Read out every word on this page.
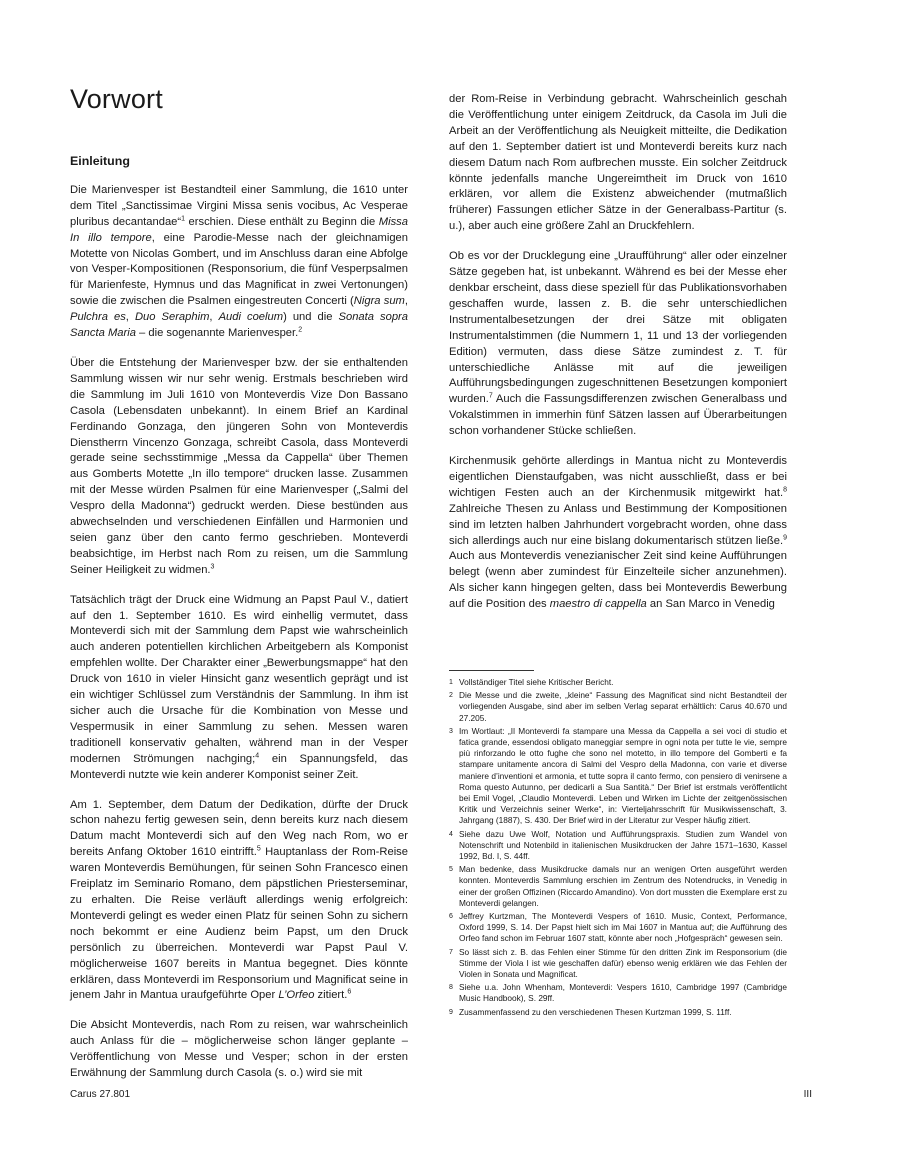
Vorwort
Einleitung

Die Marienvesper ist Bestandteil einer Sammlung, die 1610 unter dem Titel „Sanctissimae Virgini Missa senis vocibus, Ac Vesperae pluribus decantandae“$^1$ erschien. Diese enthält zu Beginn die Missa In illo tempore, eine Parodie-Messe nach der gleichnamigen Motette von Nicolas Gombert, und im Anschluss daran eine Abfolge von Vesper-Kompositionen (Responsorium, die fünf Vesperpsalmen für Marienfeste, Hymnus und das Magnificat in zwei Vertonungen) sowie die zwischen die Psalmen eingestreuten Concerti (Nigra sum, Pulchra es, Duo Seraphim, Audi coelum) und die Sonata sopra Sancta Maria – die sogenannte Marienvesper.$^2$

Über die Entstehung der Marienvesper bzw. der sie enthaltenden Sammlung wissen wir nur sehr wenig. Erstmals beschrieben wird die Sammlung im Juli 1610 von Monteverdis Vize Don Bassano Casola (Lebensdaten unbekannt). In einem Brief an Kardinal Ferdinando Gonzaga, den jüngeren Sohn von Monteverdis Dienstherrn Vincenzo Gonzaga, schreibt Casola, dass Monteverdi gerade seine sechsstimmige „Messa da Cappella“ über Themen aus Gomberts Motette „In illo tempore“ drucken lasse. Zusammen mit der Messe würden Psalmen für eine Marienvesper („Salmi del Vespro della Madonna“) gedruckt werden. Diese bestünden aus abwechselnden und verschiedenen Einfällen und Harmonien und seien ganz über den canto fermo geschrieben. Monteverdi beabsichtige, im Herbst nach Rom zu reisen, um die Sammlung Seiner Heiligkeit zu widmen.$^3$

Tatsächlich trägt der Druck eine Widmung an Papst Paul V., datiert auf den 1. September 1610. Es wird einhellig vermutet, dass Monteverdi sich mit der Sammlung dem Papst wie wahrscheinlich auch anderen potentiellen kirchlichen Arbeitgebern als Komponist empfehlen wollte. Der Charakter einer „Bewerbungsmappe“ hat den Druck von 1610 in vieler Hinsicht ganz wesentlich geprägt und ist ein wichtiger Schlüssel zum Verständnis der Sammlung. In ihm ist sicher auch die Ursache für die Kombination von Messe und Vespermusik in einer Sammlung zu sehen. Messen waren traditionell konservativ gehalten, während man in der Vesper modernen Strömungen nachging;$^4$ ein Spannungsfeld, das Monteverdi nutzte wie kein anderer Komponist seiner Zeit.

Am 1. September, dem Datum der Dedikation, dürfte der Druck schon nahezu fertig gewesen sein, denn bereits kurz nach diesem Datum macht Monteverdi sich auf den Weg nach Rom, wo er bereits Anfang Oktober 1610 eintrifft.$^5$ Hauptanlass der Rom-Reise waren Monteverdis Bemühungen, für seinen Sohn Francesco einen Freiplatz im Seminario Romano, dem päpstlichen Priesterseminar, zu erhalten. Die Reise verläuft allerdings wenig erfolgreich: Monteverdi gelingt es weder einen Platz für seinen Sohn zu sichern noch bekommt er eine Audienz beim Papst, um den Druck persönlich zu überreichen. Monteverdi war Papst Paul V. möglicherweise 1607 bereits in Mantua begegnet. Dies könnte erklären, dass Monteverdi im Responsorium und Magnificat seine in jenem Jahr in Mantua uraufgeführte Oper L’Orfeo zitiert.$^6$

Die Absicht Monteverdis, nach Rom zu reisen, war wahrscheinlich auch Anlass für die – möglicherweise schon länger geplante – Veröffentlichung von Messe und Vesper; schon in der ersten Erwähnung der Sammlung durch Casola (s. o.) wird sie mit

der Rom-Reise in Verbindung gebracht. Wahrscheinlich geschah die Veröffentlichung unter einigem Zeitdruck, da Casola im Juli die Arbeit an der Veröffentlichung als Neuigkeit mitteilte, die Dedikation auf den 1. September datiert ist und Monteverdi bereits kurz nach diesem Datum nach Rom aufbrechen musste. Ein solcher Zeitdruck könnte jedenfalls manche Ungereimtheit im Druck von 1610 erklären, vor allem die Existenz abweichender (mutmaßlich früherer) Fassungen etlicher Sätze in der Generalbass-Partitur (s. u.), aber auch eine größere Zahl an Druckfehlern.

Ob es vor der Drucklegung eine „Uraufführung“ aller oder einzelner Sätze gegeben hat, ist unbekannt. Während es bei der Messe eher denkbar erscheint, dass diese speziell für das Publikationsvorhaben geschaffen wurde, lassen z. B. die sehr unterschiedlichen Instrumentalbesetzungen der drei Sätze mit obligaten Instrumentalstimmen (die Nummern 1, 11 und 13 der vorliegenden Edition) vermuten, dass diese Sätze zumindest z. T. für unterschiedliche Anlässe mit auf die jeweiligen Aufführungsbedingungen zugeschnittenen Besetzungen komponiert wurden.$^7$ Auch die Fassungsdifferenzen zwischen Generalbass und Vokalstimmen in immerhin fünf Sätzen lassen auf Überarbeitungen schon vorhandener Stücke schließen.

Kirchenmusik gehörte allerdings in Mantua nicht zu Monteverdis eigentlichen Dienstaufgaben, was nicht ausschließt, dass er bei wichtigen Festen auch an der Kirchenmusik mitgewirkt hat.$^8$ Zahlreiche Thesen zu Anlass und Bestimmung der Kompositionen sind im letzten halben Jahrhundert vorgebracht worden, ohne dass sich allerdings auch nur eine bislang dokumentarisch stützen ließe.$^9$ Auch aus Monteverdis venezianischer Zeit sind keine Aufführungen belegt (wenn aber zumindest für Einzelteile sicher anzunehmen). Als sicher kann hingegen gelten, dass bei Monteverdis Bewerbung auf die Position des maestro di cappella an San Marco in Venedig

1 Vollständiger Titel siehe Kritischer Bericht.
2 Die Messe und die zweite, „kleine“ Fassung des Magnificat sind nicht Bestandteil der vorliegenden Ausgabe, sind aber im selben Verlag separat erhältlich: Carus 40.670 und 27.205.
3 Im Wortlaut: „Il Monteverdi fa stampare una Messa da Cappella a sei voci di studio et fatica grande, essendosi obligato maneggiar sempre in ogni nota per tutte le vie, sempre più rinforzando le otto fughe che sono nel motetto, in illo tempore del Gomberti e fa stampare unitamente ancora di Salmi del Vespro della Madonna, con varie et diverse maniere d’inventioni et armonia, et tutte sopra il canto fermo, con pensiero di venirsene a Roma questo Autunno, per dedicarli a Sua Santità.“ Der Brief ist erstmals veröffentlicht bei Emil Vogel, „Claudio Monteverdi. Leben und Wirken im Lichte der zeitgenössischen Kritik und Verzeichnis seiner Werke“, in: Vierteljahrsschrift für Musikwissenschaft, 3. Jahrgang (1887), S. 430. Der Brief wird in der Literatur zur Vesper häufig zitiert.
4 Siehe dazu Uwe Wolf, Notation und Aufführungspraxis. Studien zum Wandel von Notenschrift und Notenbild in italienischen Musikdrucken der Jahre 1571–1630, Kassel 1992, Bd. I, S. 44ff.
5 Man bedenke, dass Musikdrucke damals nur an wenigen Orten ausgeführt werden konnten. Monteverdis Sammlung erschien im Zentrum des Notendrucks, in Venedig in einer der großen Offizinen (Riccardo Amandino). Von dort mussten die Exemplare erst zu Monteverdi gelangen.
6 Jeffrey Kurtzman, The Monteverdi Vespers of 1610. Music, Context, Performance, Oxford 1999, S. 14. Der Papst hielt sich im Mai 1607 in Mantua auf; die Aufführung des Orfeo fand schon im Februar 1607 statt, könnte aber noch „Hofgespräch“ gewesen sein.
7 So lässt sich z. B. das Fehlen einer Stimme für den dritten Zink im Responsorium (die Stimme der Viola I ist wie geschaffen dafür) ebenso wenig erklären wie das Fehlen der Violen in Sonata und Magnificat.
8 Siehe u.a. John Whenham, Monteverdi: Vespers 1610, Cambridge 1997 (Cambridge Music Handbook), S. 29ff.
9 Zusammenfassend zu den verschiedenen Thesen Kurtzman 1999, S. 11ff.
Carus 27.801	III
